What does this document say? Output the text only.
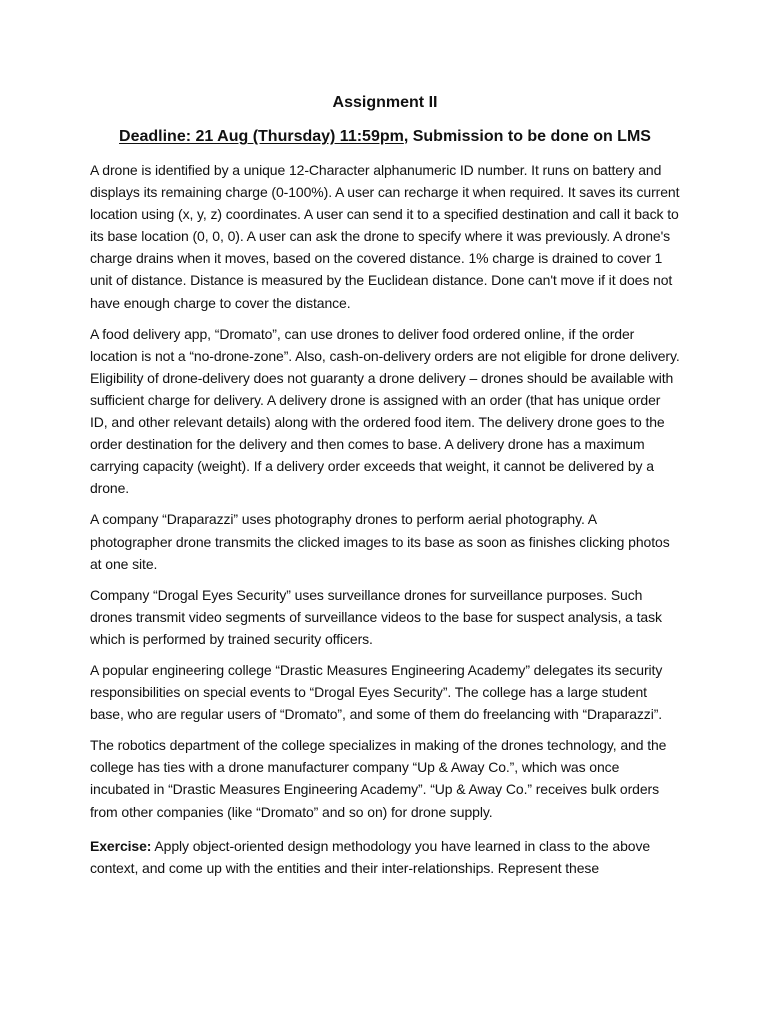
Assignment II

Deadline: 21 Aug (Thursday) 11:59pm, Submission to be done on LMS

A drone is identified by a unique 12-Character alphanumeric ID number. It runs on battery and displays its remaining charge (0-100%). A user can recharge it when required. It saves its current location using (x, y, z) coordinates. A user can send it to a specified destination and call it back to its base location (0, 0, 0). A user can ask the drone to specify where it was previously. A drone's charge drains when it moves, based on the covered distance. 1% charge is drained to cover 1 unit of distance. Distance is measured by the Euclidean distance. Done can't move if it does not have enough charge to cover the distance.

A food delivery app, “Dromato”, can use drones to deliver food ordered online, if the order location is not a “no-drone-zone”. Also, cash-on-delivery orders are not eligible for drone delivery. Eligibility of drone-delivery does not guaranty a drone delivery – drones should be available with sufficient charge for delivery. A delivery drone is assigned with an order (that has unique order ID, and other relevant details) along with the ordered food item. The delivery drone goes to the order destination for the delivery and then comes to base. A delivery drone has a maximum carrying capacity (weight). If a delivery order exceeds that weight, it cannot be delivered by a drone.

A company “Draparazzi” uses photography drones to perform aerial photography. A photographer drone transmits the clicked images to its base as soon as finishes clicking photos at one site.

Company “Drogal Eyes Security” uses surveillance drones for surveillance purposes. Such drones transmit video segments of surveillance videos to the base for suspect analysis, a task which is performed by trained security officers.

A popular engineering college “Drastic Measures Engineering Academy” delegates its security responsibilities on special events to “Drogal Eyes Security”. The college has a large student base, who are regular users of “Dromato”, and some of them do freelancing with “Draparazzi”.

The robotics department of the college specializes in making of the drones technology, and the college has ties with a drone manufacturer company “Up & Away Co.”, which was once incubated in “Drastic Measures Engineering Academy”. “Up & Away Co.” receives bulk orders from other companies (like “Dromato” and so on) for drone supply.

Exercise: Apply object-oriented design methodology you have learned in class to the above context, and come up with the entities and their inter-relationships. Represent these
